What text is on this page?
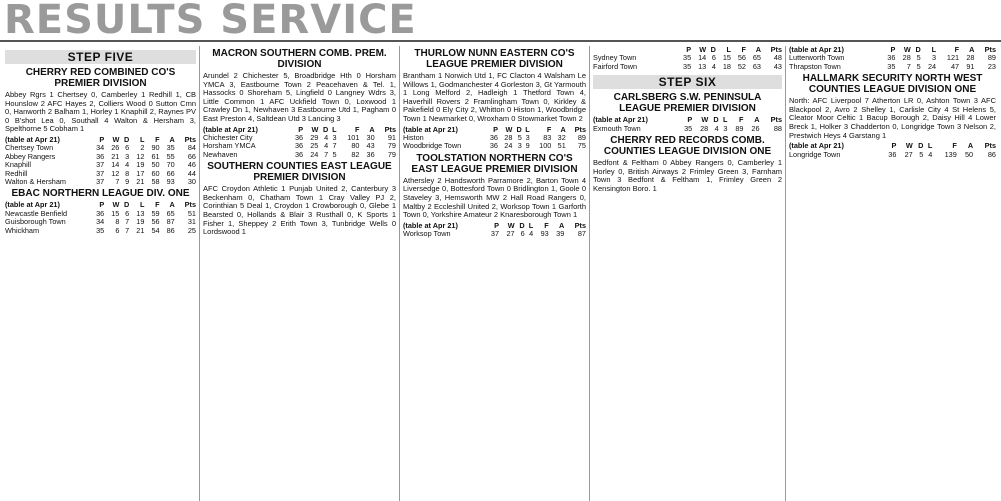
RESULTS SERVICE
STEP FIVE
CHERRY RED COMBINED CO'S PREMIER DIVISION

Abbey Rgrs 1 Chertsey 0, Camberley 1 Redhill 1, CB Hounslow 2 AFC Hayes 2, Colliers Wood 0 Sutton Cmn 0, Hanworth 2 Balham 1, Horley 1 Knaphill 2, Raynes PV 0 B'shot Lea 0, Southall 4 Walton & Hersham 3, Spelthorne 5 Cobham 1

(table at Apr 21)	P	W	D	L	F	A	Pts
Chertsey Town	34	26	6	2	90	35	84
Abbey Rangers	36	21	3	12	61	55	66
Knaphill	37	14	4	19	50	70	46
Redhill	37	12	8	17	60	66	44
Walton & Hersham	37	7	9	21	58	93	30
EBAC NORTHERN LEAGUE DIV. ONE
(table at Apr 21)	P	W	D	L	F	A	Pts
Newcastle Benfield	36	15	6	13	59	65	51
Guisborough Town	34	8	7	19	56	87	31
Whickham	35	6	7	21	54	86	25
MACRON SOUTHERN COMB. PREM. DIVISION

Arundel 2 Chichester 5, Broadbridge Hth 0 Horsham YMCA 3, Eastbourne Town 2 Peacehaven & Tel. 1, Hassocks 0 Shoreham 5, Lingfield 0 Langney Wdrs 3, Little Common 1 AFC Uckfield Town 0, Loxwood 1 Crawley Dn 1, Newhaven 3 Eastbourne Utd 1, Pagham 0 East Preston 4, Saltdean Utd 3 Lancing 3

(table at Apr 21)	P	W	D	L	F	A	Pts
Chichester City	36	29	4	3	101	30	91
Horsham YMCA	36	25	4	7	80	43	79
Newhaven	36	24	7	5	82	36	79
SOUTHERN COUNTIES EAST LEAGUE PREMIER DIVISION

AFC Croydon Athletic 1 Punjab United 2, Canterbury 3 Beckenham 0, Chatham Town 1 Cray Valley PJ 2, Corinthian 5 Deal 1, Croydon 1 Crowborough 0, Glebe 1 Bearsted 0, Hollands & Blair 3 Rusthall 0, K Sports 1 Fisher 1, Sheppey 2 Erith Town 3, Tunbridge Wells 0 Lordswood 1

THURLOW NUNN EASTERN CO'S LEAGUE PREMIER DIVISION

Brantham 1 Norwich Utd 1, FC Clacton 4 Walsham Le Willows 1, Godmanchester 4 Gorleston 3, Gt Yarmouth 1 Long Melford 2, Hadleigh 1 Thetford Town 4, Haverhill Rovers 2 Framlingham Town 0, Kirkley & Pakefield 0 Ely City 2, Whitton 0 Histon 1, Woodbridge Town 1 Newmarket 0, Wroxham 0 Stowmarket Town 2

(table at Apr 21)	P	W	D	L	F	A	Pts
Histon	36	28	5	3	83	32	89
Woodbridge Town	36	24	3	9	100	51	75
TOOLSTATION NORTHERN CO'S EAST LEAGUE PREMIER DIVISION

Athersley 2 Handsworth Parramore 2, Barton Town 4 Liversedge 0, Bottesford Town 0 Bridlington 1, Goole 0 Staveley 3, Hemsworth MW 2 Hall Road Rangers 0, Maltby 2 Eccleshill United 2, Worksop Town 1 Garforth Town 0, Yorkshire Amateur 2 Knaresborough Town 1

(table at Apr 21)	P	W	D	L	F	A	Pts
Worksop Town	37	27	6	4	93	39	87
	P	W	D	L	F	A	Pts
Sydney Town	35	14	6	15	56	65	48
Fairford Town	35	13	4	18	52	63	43
STEP SIX
CARLSBERG S.W. PENINSULA LEAGUE PREMIER DIVISION
(table at Apr 21)	P	W	D	L	F	A	Pts
Exmouth Town	35	28	4	3	89	26	88
CHERRY RED RECORDS COMB. COUNTIES LEAGUE DIVISION ONE

Bedfont & Feltham 0 Abbey Rangers 0, Camberley 1 Horley 0, British Airways 2 Frimley Green 3, Farnham Town 3 Bedfont & Feltham 1, Frimley Green 2 Kensington Boro. 1

(table at Apr 21)	P	W	D	L	F	A	Pts
Lutterworth Town	36	28	5	3	121	28	89
Thrapston Town	35	7	5	24	47	91	23
HALLMARK SECURITY NORTH WEST COUNTIES LEAGUE DIVISION ONE

North: AFC Liverpool 7 Atherton LR 0, Ashton Town 3 AFC Blackpool 2, Avro 2 Shelley 1, Carlisle City 4 St Helens 5, Cleator Moor Celtic 1 Bacup Borough 2, Daisy Hill 4 Lower Breck 1, Holker 3 Chadderton 0, Longridge Town 3 Nelson 2, Prestwich Heys 4 Garstang 1

(table at Apr 21)	P	W	D	L	F	A	Pts
Longridge Town	36	27	5	4	139	50	86
